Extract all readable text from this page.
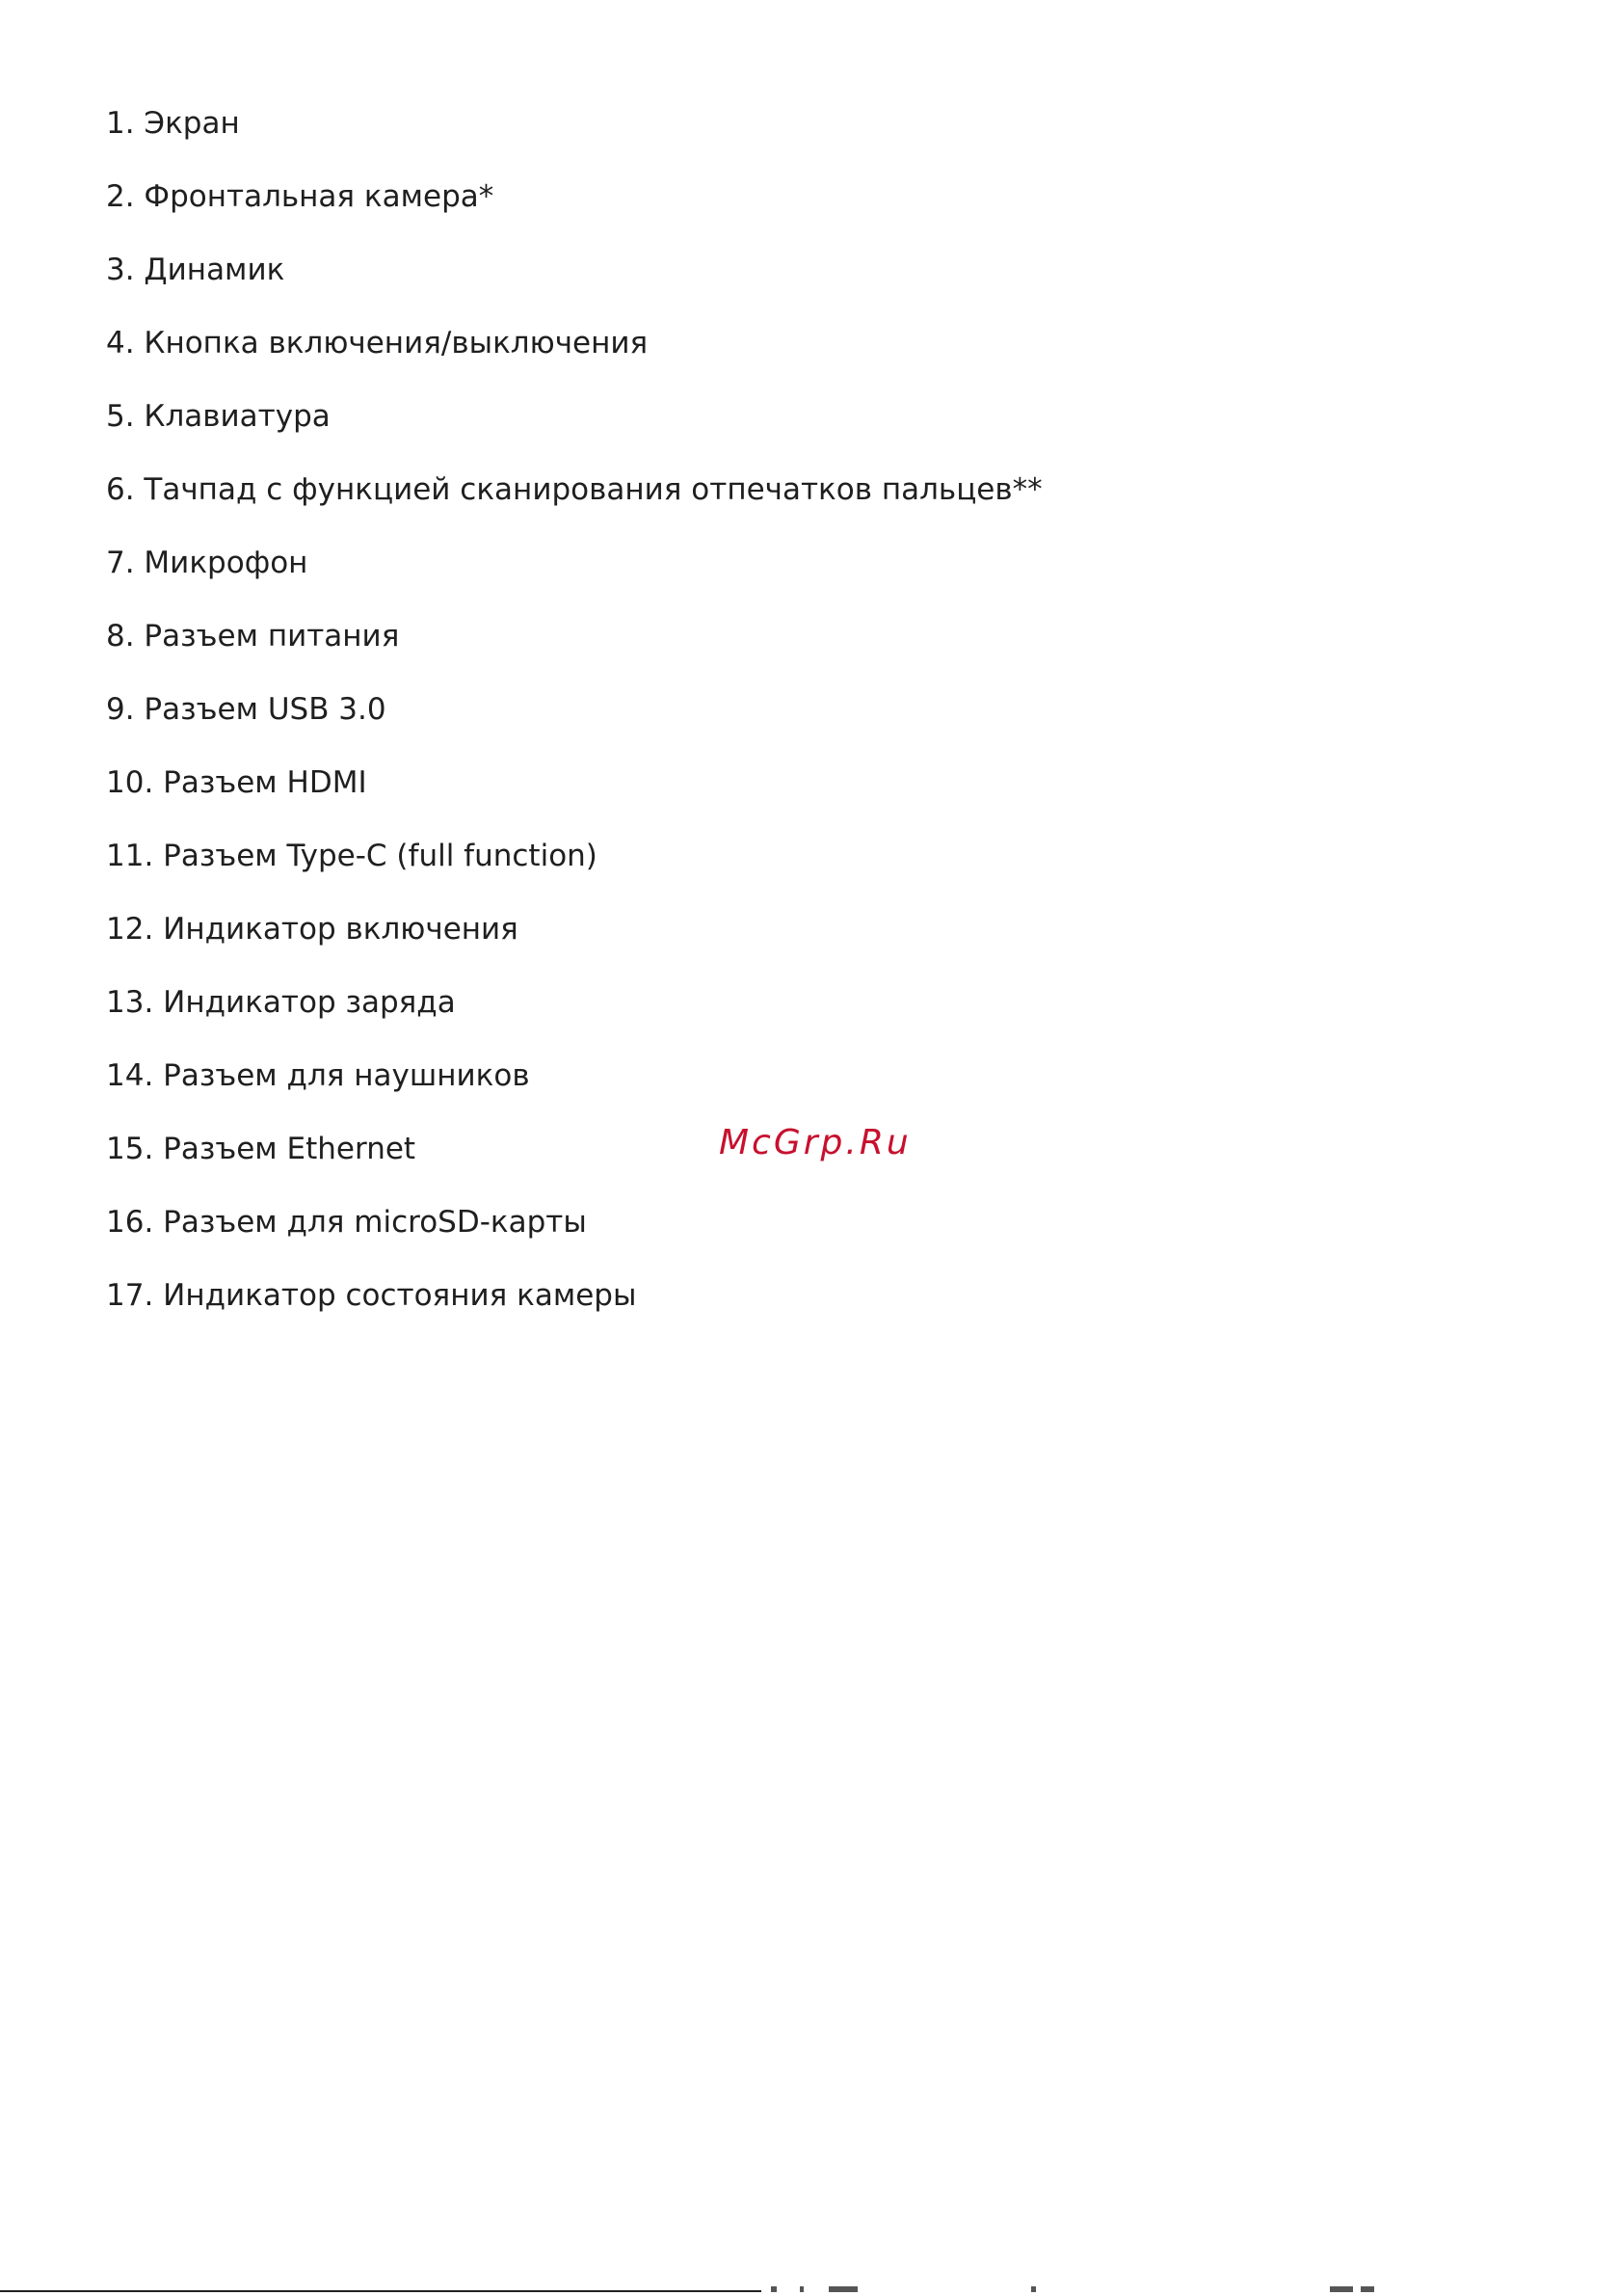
1. Экран
2. Фронтальная камера*
3. Динамик
4. Кнопка включения/выключения
5. Клавиатура
6. Тачпад с функцией сканирования отпечатков пальцев**
7. Микрофон
8. Разъем питания
9. Разъем USB 3.0
10. Разъем HDMI
11. Разъем Type-C (full function)
12. Индикатор включения
13. Индикатор заряда
14. Разъем для наушников
15. Разъем Ethernet
16. Разъем для microSD-карты
17. Индикатор состояния камеры
McGrp.Ru
